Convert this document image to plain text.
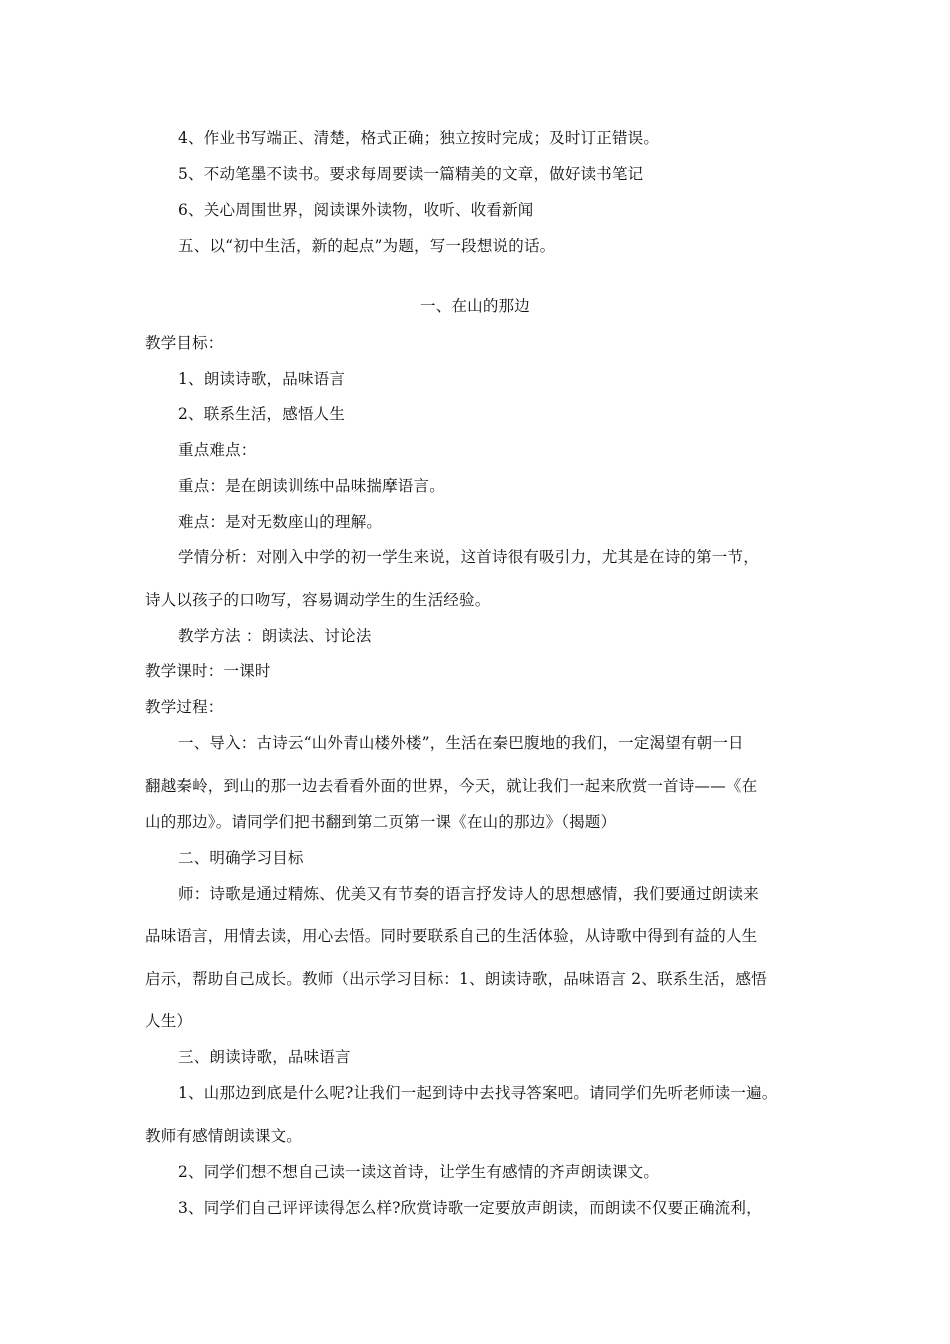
4、作业书写端正、清楚，格式正确；独立按时完成；及时订正错误。

5、不动笔墨不读书。要求每周要读一篇精美的文章，做好读书笔记

6、关心周围世界，阅读课外读物，收听、收看新闻

五、以“初中生活，新的起点”为题，写一段想说的话。

一、在山的那边

教学目标：

1、朗读诗歌，品味语言

2、联系生活，感悟人生

重点难点：

重点：是在朗读训练中品味揣摩语言。

难点：是对无数座山的理解。

学情分析：对刚入中学的初一学生来说，这首诗很有吸引力，尤其是在诗的第一节，

诗人以孩子的口吻写，容易调动学生的生活经验。

教学方法 ：朗读法、讨论法

教学课时：一课时

教学过程：

一、导入：古诗云“山外青山楼外楼”，生活在秦巴腹地的我们，一定渴望有朝一日

翻越秦岭，到山的那一边去看看外面的世界，今天，就让我们一起来欣赏一首诗——《在

山的那边》。请同学们把书翻到第二页第一课《在山的那边》（揭题）

二、明确学习目标

师：诗歌是通过精炼、优美又有节奏的语言抒发诗人的思想感情，我们要通过朗读来

品味语言，用情去读，用心去悟。同时要联系自己的生活体验，从诗歌中得到有益的人生

启示，帮助自己成长。教师（出示学习目标：1、朗读诗歌，品味语言 2、联系生活，感悟

人生）

三、朗读诗歌，品味语言

1、山那边到底是什么呢?让我们一起到诗中去找寻答案吧。请同学们先听老师读一遍。

教师有感情朗读课文。

2、同学们想不想自己读一读这首诗，让学生有感情的齐声朗读课文。

3、同学们自己评评读得怎么样?欣赏诗歌一定要放声朗读，而朗读不仅要正确流利，
